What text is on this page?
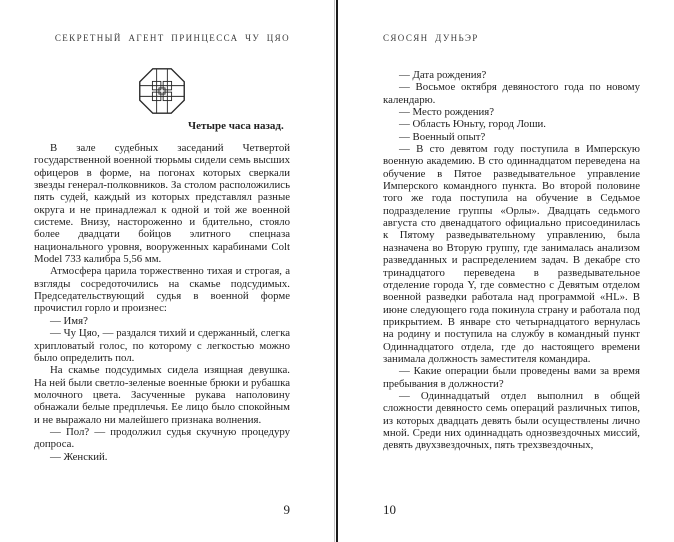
СЕКРЕТНЫЙ АГЕНТ ПРИНЦЕССА ЧУ ЦЯО
Четыре часа назад.

В зале судебных заседаний Четвертой государственной военной тюрьмы сидели семь высших офицеров в форме, на погонах которых сверкали звезды генерал-полковников. За столом расположились пять судей, каждый из которых представлял разные округа и не принадлежал к одной и той же военной системе. Внизу, настороженно и бдительно, стояло более двадцати бойцов элитного спецназа национального уровня, вооруженных карабинами Colt Model 733 калибра 5,56 мм.

Атмосфера царила торжественно тихая и строгая, а взгляды сосредоточились на скамье подсудимых. Председательствующий судья в военной форме прочистил горло и произнес:

— Имя?

— Чу Цяо, — раздался тихий и сдержанный, слегка хрипловатый голос, по которому с легкостью можно было определить пол.

На скамье подсудимых сидела изящная девушка. На ней были светло-зеленые военные брюки и рубашка молочного цвета. Засученные рукава наполовину обнажали белые предплечья. Ее лицо было спокойным и не выражало ни малейшего признака волнения.

— Пол? — продолжил судья скучную процедуру допроса.

— Женский.

9
СЯОСЯН ДУНЬЭР

— Дата рождения?

— Восьмое октября девяностого года по новому календарю.

— Место рождения?

— Область Юньту, город Лоши.

— Военный опыт?

— В сто девятом году поступила в Имперскую военную академию. В сто одиннадцатом переведена на обучение в Пятое разведывательное управление Имперского командного пункта. Во второй половине того же года поступила на обучение в Седьмое подразделение группы «Орлы». Двадцать седьмого августа сто двенадцатого официально присоединилась к Пятому разведывательному управлению, была назначена во Вторую группу, где занималась анализом разведданных и распределением задач. В декабре сто тринадцатого переведена в разведывательное отделение города Y, где совместно с Девятым отделом военной разведки работала над программой «HL». В июне следующего года покинула страну и работала под прикрытием. В январе сто четырнадцатого вернулась на родину и поступила на службу в командный пункт Одиннадцатого отдела, где до настоящего времени занимала должность заместителя командира.

— Какие операции были проведены вами за время пребывания в должности?

— Одиннадцатый отдел выполнил в общей сложности девяносто семь операций различных типов, из которых двадцать девять были осуществлены лично мной. Среди них одиннадцать однозвездочных миссий, девять двухзвездочных, пять трехзвездочных,

10
